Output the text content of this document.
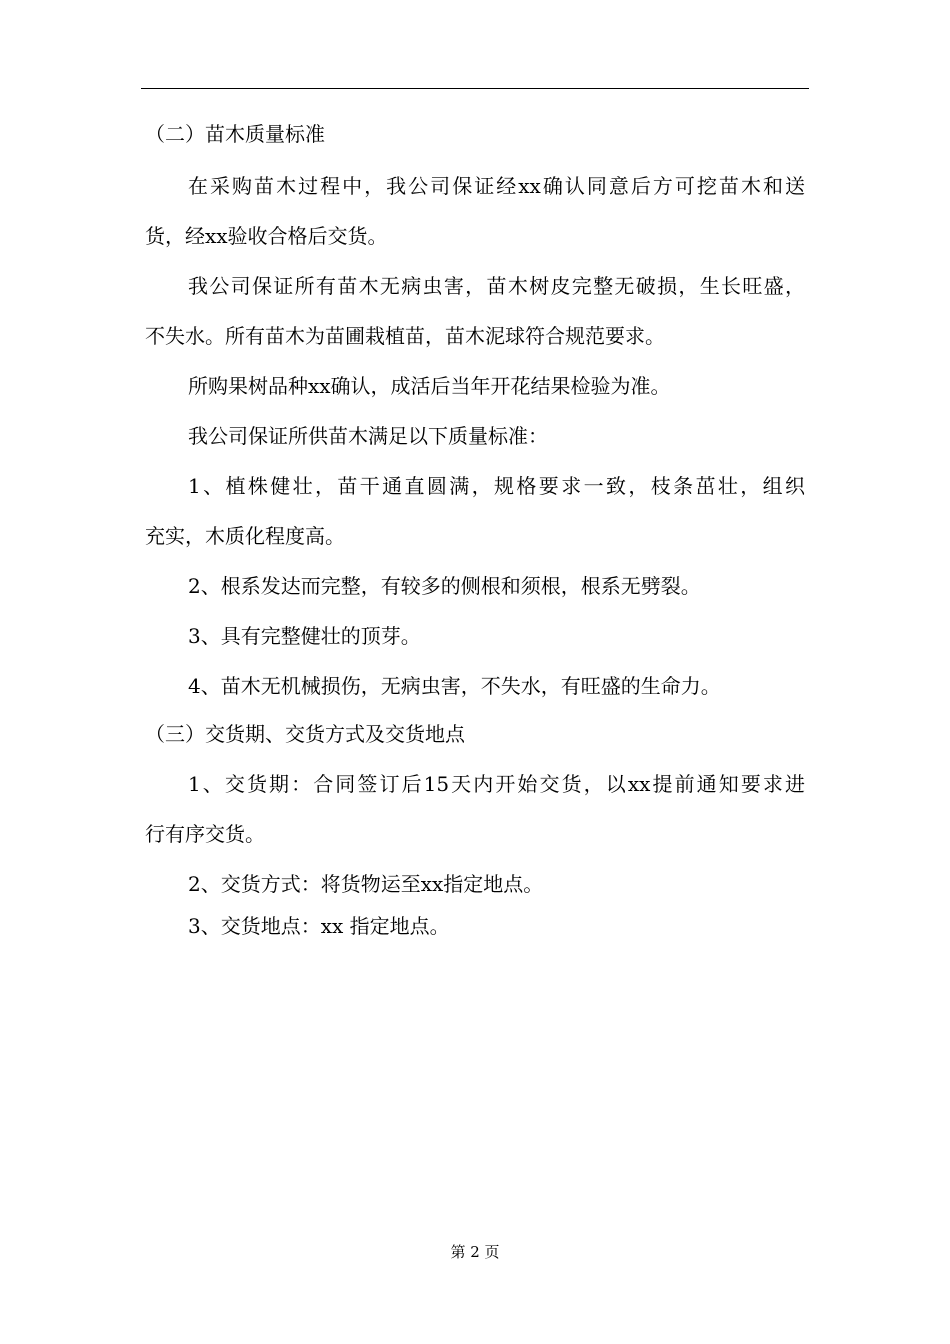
（二）苗木质量标准

在采购苗木过程中，我公司保证经xx确认同意后方可挖苗木和送

货，经xx验收合格后交货。

我公司保证所有苗木无病虫害，苗木树皮完整无破损，生长旺盛，

不失水。所有苗木为苗圃栽植苗，苗木泥球符合规范要求。

所购果树品种xx确认，成活后当年开花结果检验为准。

我公司保证所供苗木满足以下质量标准：

1、植株健壮，苗干通直圆满，规格要求一致，枝条茁壮，组织

充实，木质化程度高。

2、根系发达而完整，有较多的侧根和须根，根系无劈裂。

3、具有完整健壮的顶芽。

4、苗木无机械损伤，无病虫害，不失水，有旺盛的生命力。

（三）交货期、交货方式及交货地点

1、交货期：合同签订后15天内开始交货，以xx提前通知要求进

行有序交货。

2、交货方式：将货物运至xx指定地点。

3、交货地点：xx 指定地点。

第 2 页
